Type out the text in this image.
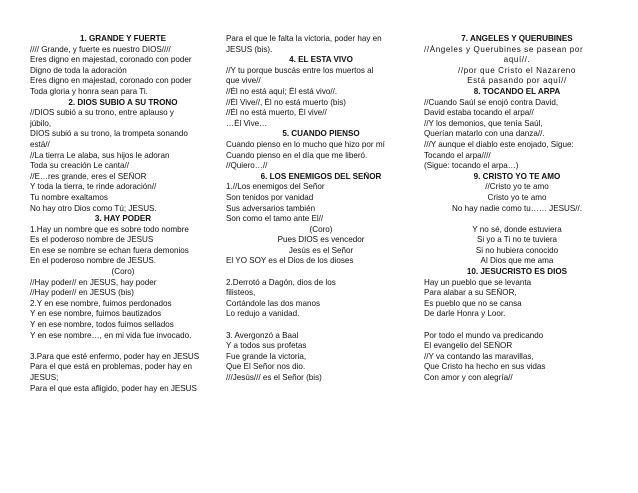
1. GRANDE Y FUERTE
//// Grande, y fuerte es nuestro DIOS////
Eres digno en majestad, coronado con poder
Digno de toda la adoración
Eres digno en majestad, coronado con poder
Toda gloria y honra sean para Ti.
2. DIOS SUBIO A SU TRONO
//DIOS subió a su trono, entre aplauso y
júbilo,
DIOS subió a su trono, la trompeta sonando
está//
//La tierra Le alaba, sus hijos le adoran
Toda su creación Le canta//
//E…res grande, eres el SEÑOR
Y toda la tierra, te rinde adoración//
Tu nombre exaltamos
No hay otro Dios como Tú; JESUS.
3. HAY PODER
1.Hay un nombre que es sobre todo nombre
Es el poderoso nombre de JESUS
En ese se nombre se echan fuera demonios
En el poderoso nombre de JESUS.
(Coro)
//Hay poder// en JESUS, hay poder
//Hay poder// en JESUS (bis)
2.Y en ese nombre, fuimos perdonados
Y en ese nombre, fuimos bautizados
Y en ese nombre, todos fuimos sellados
Y en ese nombre…, en mi vida fue invocado.
3.Para que esté enfermo, poder hay en JESUS
Para el que está en problemas, poder hay en
JESUS;
Para el que esta afligido, poder hay en JESUS
Para el que le falta la victoria, poder hay en
JESUS (bis).
4. EL ESTA VIVO
//Y tu porque buscás entre los muertos al
que vive//
//Él no está aquí; Él está vivo//.
//Él Vive//, Él no está muerto (bis)
//Él no está muerto, Él vive//
…Él Vive…
5. CUANDO PIENSO
Cuando pienso en lo mucho que hizo por mí
Cuando pienso en el día que me liberó.
//Quiero…//
6. LOS ENEMIGOS DEL SEÑOR
1.//Los enemigos del Señor
Son tenidos por vanidad
Sus adversarios también
Son como el tamo ante El//
(Coro)
Pues DIOS es vencedor
Jesús es el Señor
El YO SOY es el Dios de los dioses
2.Derrotó a Dagón, dios de los
filisteos,
Cortándole las dos manos
Lo redujo a vanidad.
3. Avergonzó a Baal
Y a todos sus profetas
Fue grande la victoria,
Que El Señor nos dio.
///Jesús/// es el Señor (bis)
7. ANGELES Y QUERUBINES
//Ángeles y Querubines se pasean por
aquí//.
//por que Cristo el Nazareno
Está pasando por aquí//
8. TOCANDO EL ARPA
//Cuando Saúl se enojó contra David,
David estaba tocando el arpa//
//Y los demonios, que tenía Saúl,
Querían matarlo con una danza//.
///Y aunque el diablo este enojado, Sigue:
Tocando el arpa////
(Sigue: tocando el arpa…)
9. CRISTO YO TE AMO
//Cristo yo te amo
Cristo yo te amo
No hay nadie como tu…… JESUS//.
Y no sé, donde estuviera
Si yo a Ti no te tuviera
Si no hubiera conocido
Al Dios que me ama
10. JESUCRISTO ES DIOS
Hay un pueblo que se levanta
Para alabar a su SEÑOR,
Es pueblo que no se cansa
De darle Honra y Loor.
Por todo el mundo va predicando
El evangelio del SEÑOR
//Y va contando las maravillas,
Que Cristo ha hecho en sus vidas
Con amor y con alegría//
